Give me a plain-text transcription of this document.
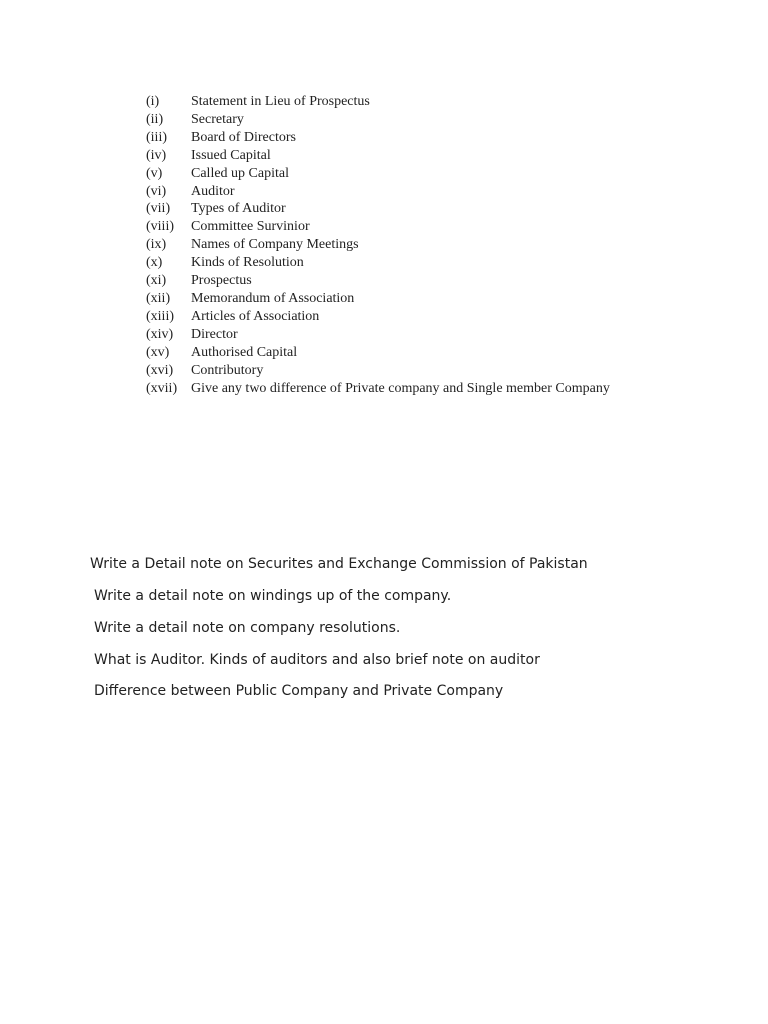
(i)	Statement in Lieu of Prospectus
(ii)	Secretary
(iii)	Board of Directors
(iv)	Issued Capital
(v)	Called up Capital
(vi)	Auditor
(vii)	Types of Auditor
(viii)	Committee Survinior
(ix)	Names of Company Meetings
(x)	Kinds of Resolution
(xi)	Prospectus
(xii)	Memorandum of Association
(xiii)	Articles of Association
(xiv)	Director
(xv)	Authorised Capital
(xvi)	Contributory
(xvii) Give any two difference of Private company and Single member Company
Write a Detail note on Securites and Exchange Commission of Pakistan
Write a detail note on windings up of the company.
Write a detail note on company resolutions.
What is Auditor. Kinds of auditors and also brief note on auditor
Difference between Public Company and Private Company
